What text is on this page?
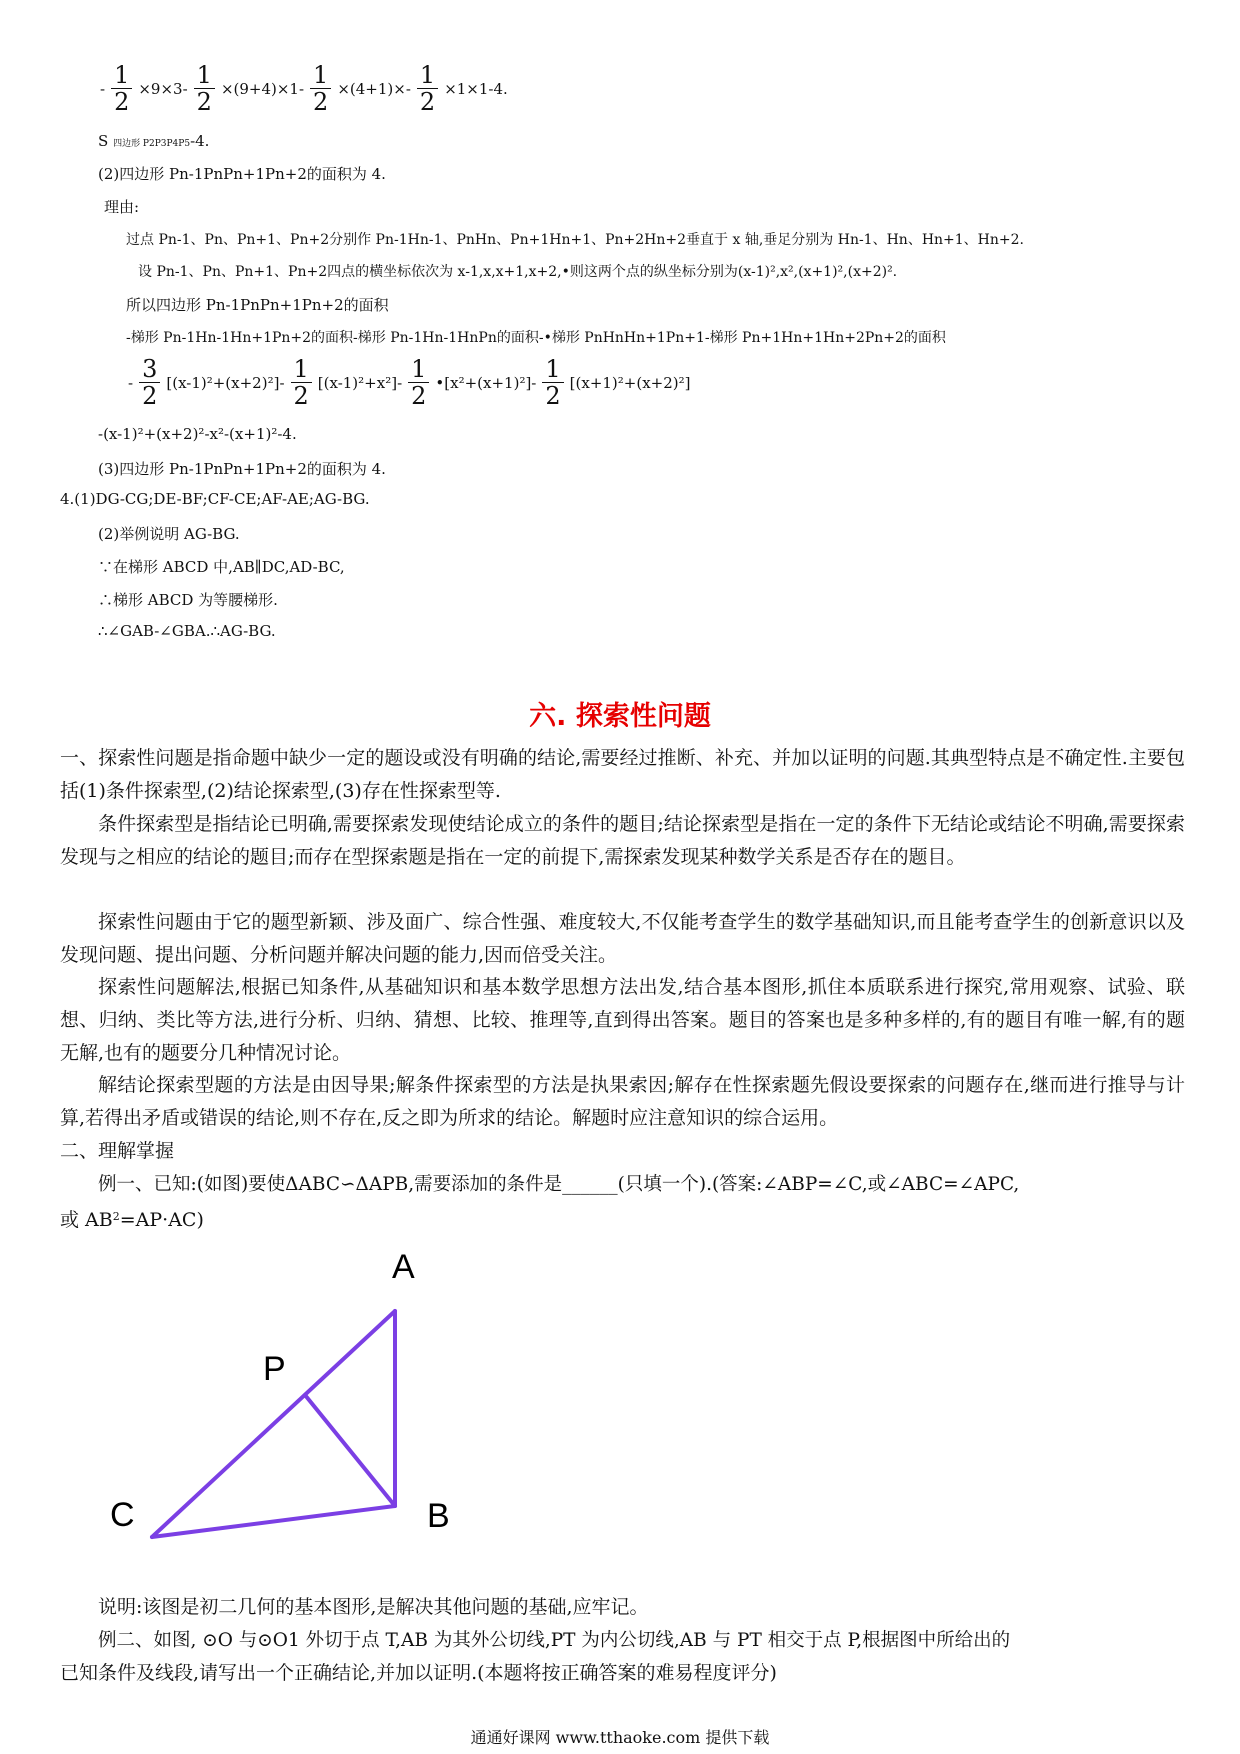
- $\frac{1}{2} \times 9\times 3- \frac{1}{2} \times(9+4)\times 1- \frac{1}{2} \times(4+1)\times- \frac{1}{2} \times 1\times 1-4$.
S 四边形 P2P3P4P5-4.
(2)四边形 Pn-1PnPn+1Pn+2的面积为 4.
理由:
过点 Pn-1、Pn、Pn+1、Pn+2分别作 Pn-1Hn-1、PnHn、Pn+1Hn+1、Pn+2Hn+2垂直于 x 轴,垂足分别为 Hn-1、Hn、Hn+1、Hn+2.
设 Pn-1、Pn、Pn+1、Pn+2四点的横坐标依次为 x-1,x,x+1,x+2,•则这两个点的纵坐标分别为(x-1)²,x²,(x+1)²,(x+2)².
所以四边形 Pn-1PnPn+1Pn+2的面积
-梯形 Pn-1Hn-1Hn+1Pn+2的面积-梯形 Pn-1Hn-1HnPn的面积-•梯形 PnHnHn+1Pn+1-梯形 Pn+1Hn+1Hn+2Pn+2的面积
- $\frac{3}{2} [(x-1)^2+(x+2)^2]- \frac{1}{2} [(x-1)^2+x^2]- \frac{1}{2}$ •[x²+(x+1)²]- $\frac{1}{2} [(x+1)^2+(x+2)^2]$
-(x-1)²+(x+2)²-x²-(x+1)²-4.
(3)四边形 Pn-1PnPn+1Pn+2的面积为 4.
4.(1)DG-CG;DE-BF;CF-CE;AF-AE;AG-BG.
(2)举例说明 AG-BG.
∵在梯形 ABCD 中,AB∥DC,AD-BC,
∴梯形 ABCD 为等腰梯形.
∴∠GAB-∠GBA.∴AG-BG.
六. 探索性问题
一、探索性问题是指命题中缺少一定的题设或没有明确的结论,需要经过推断、补充、并加以证明的问题.其典型特点是不确定性.主要包括(1)条件探索型,(2)结论探索型,(3)存在性探索型等.
条件探索型是指结论已明确,需要探索发现使结论成立的条件的题目;结论探索型是指在一定的条件下无结论或结论不明确,需要探索发现与之相应的结论的题目;而存在型探索题是指在一定的前提下,需探索发现某种数学关系是否存在的题目。
探索性问题由于它的题型新颖、涉及面广、综合性强、难度较大,不仅能考查学生的数学基础知识,而且能考查学生的创新意识以及发现问题、提出问题、分析问题并解决问题的能力,因而倍受关注。
探索性问题解法,根据已知条件,从基础知识和基本数学思想方法出发,结合基本图形,抓住本质联系进行探究,常用观察、试验、联想、归纳、类比等方法,进行分析、归纳、猜想、比较、推理等,直到得出答案。题目的答案也是多种多样的,有的题目有唯一解,有的题无解,也有的题要分几种情况讨论。
解结论探索型题的方法是由因导果;解条件探索型的方法是执果索因;解存在性探索题先假设要探索的问题存在,继而进行推导与计算,若得出矛盾或错误的结论,则不存在,反之即为所求的结论。解题时应注意知识的综合运用。
二、理解掌握
例一、已知:(如图)要使ΔABC∽ΔAPB,需要添加的条件是______(只填一个).(答案:∠ABP=∠C,或∠ABC=∠APC,
或 $AB^2=AP\cdot AC$)
A
P
C	B
说明:该图是初二几何的基本图形,是解决其他问题的基础,应牢记。
例二、如图, ⊙O 与⊙O1 外切于点 T,AB 为其外公切线,PT 为内公切线,AB 与 PT 相交于点 P,根据图中所给出的
已知条件及线段,请写出一个正确结论,并加以证明.(本题将按正确答案的难易程度评分)
通通好课网 www.tthaoke.com 提供下载
